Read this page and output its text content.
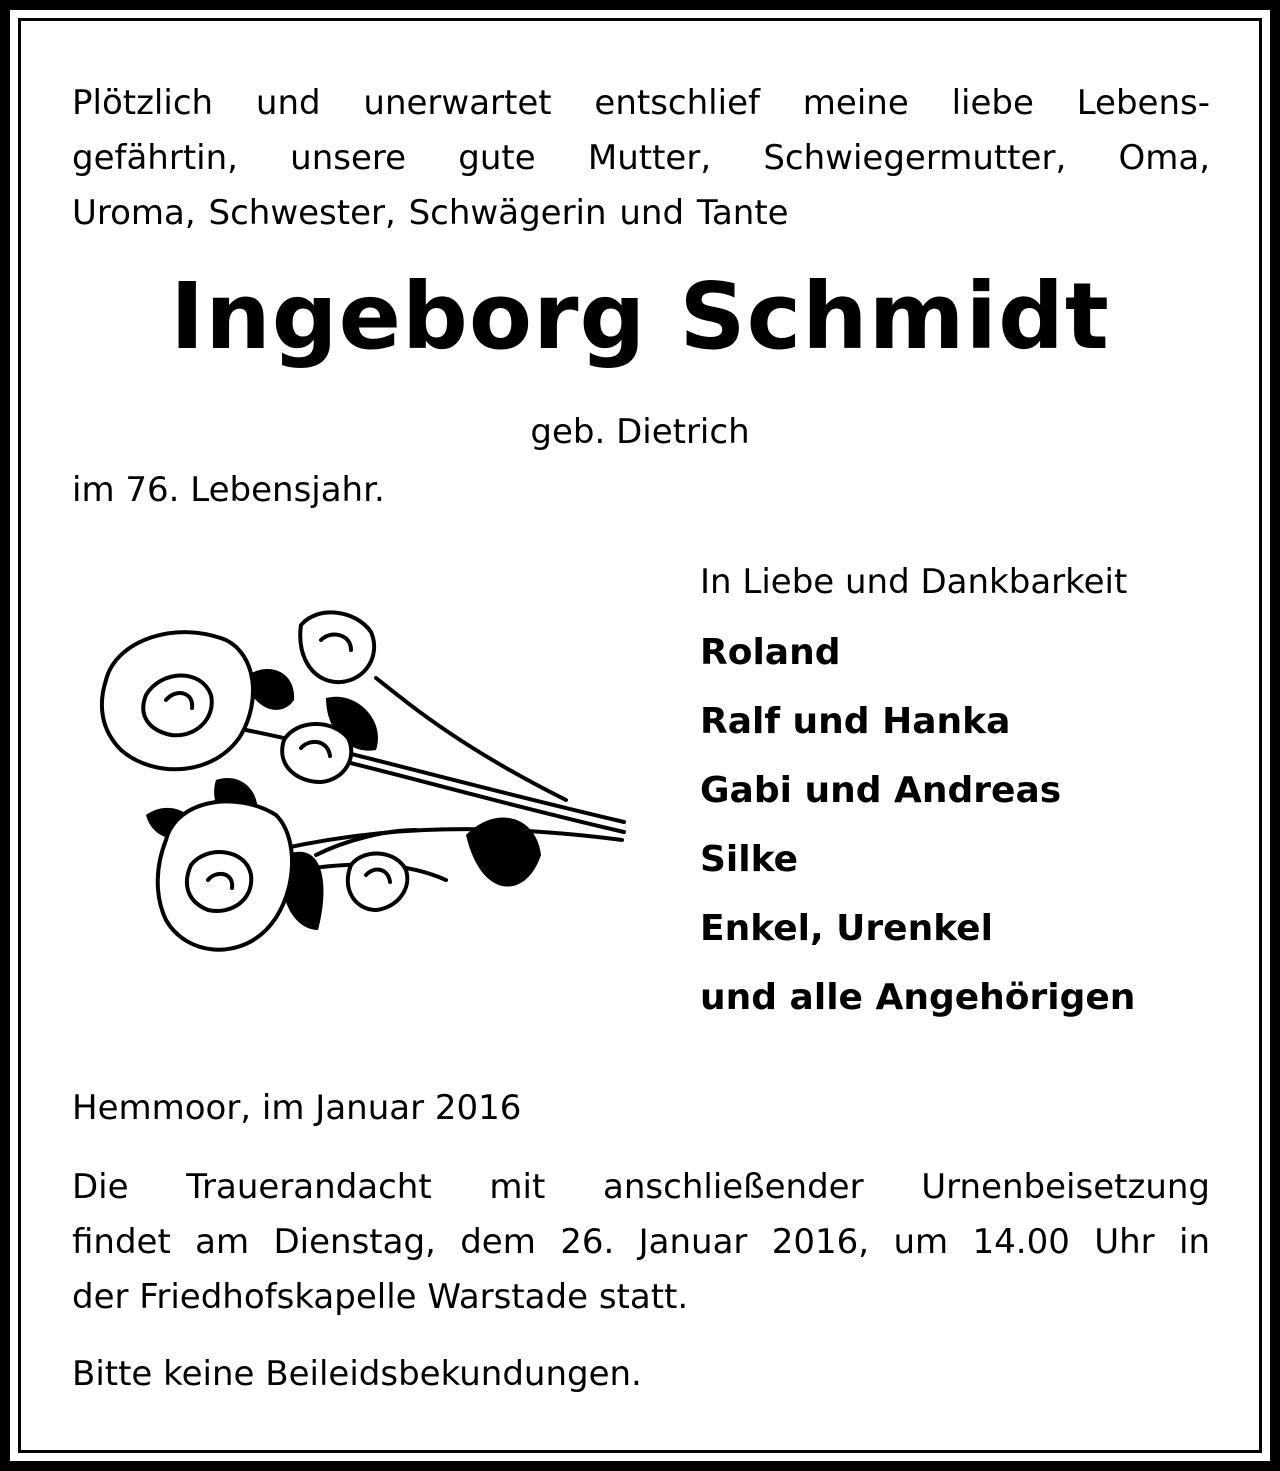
Plötzlich und unerwartet entschlief meine liebe Lebens-
gefährtin, unsere gute Mutter, Schwiegermutter, Oma,
Uroma, Schwester, Schwägerin und Tante
Ingeborg Schmidt
geb. Dietrich
im 76. Lebensjahr.
In Liebe und Dankbarkeit
Roland
Ralf und Hanka
Gabi und Andreas
Silke
Enkel, Urenkel
und alle Angehörigen
Hemmoor, im Januar 2016
Die Trauerandacht mit anschließender Urnenbeisetzung
findet am Dienstag, dem 26. Januar 2016, um 14.00 Uhr in
der Friedhofskapelle Warstade statt.
Bitte keine Beileidsbekundungen.
